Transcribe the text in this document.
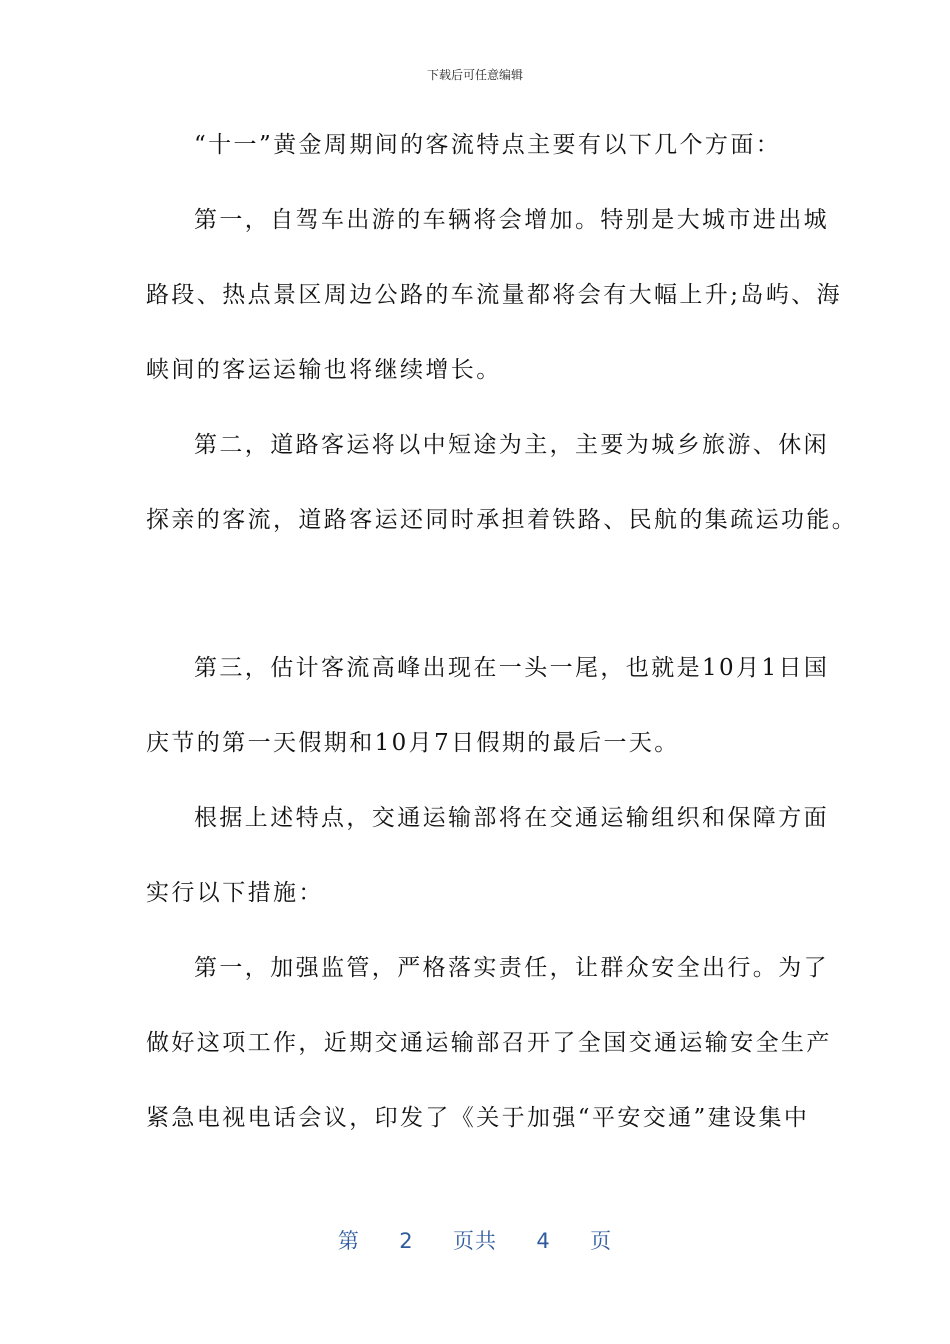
下载后可任意编辑
“十一”黄金周期间的客流特点主要有以下几个方面：
第一，自驾车出游的车辆将会增加。特别是大城市进出城
路段、热点景区周边公路的车流量都将会有大幅上升;岛屿、海
峡间的客运运输也将继续增长。
第二，道路客运将以中短途为主，主要为城乡旅游、休闲
探亲的客流，道路客运还同时承担着铁路、民航的集疏运功能。
第三，估计客流高峰出现在一头一尾，也就是10月1日国
庆节的第一天假期和10月7日假期的最后一天。
根据上述特点，交通运输部将在交通运输组织和保障方面
实行以下措施：
第一，加强监管，严格落实责任，让群众安全出行。为了
做好这项工作，近期交通运输部召开了全国交通运输安全生产
紧急电视电话会议，印发了《关于加强“平安交通”建设集中
第 2 页共 4 页
